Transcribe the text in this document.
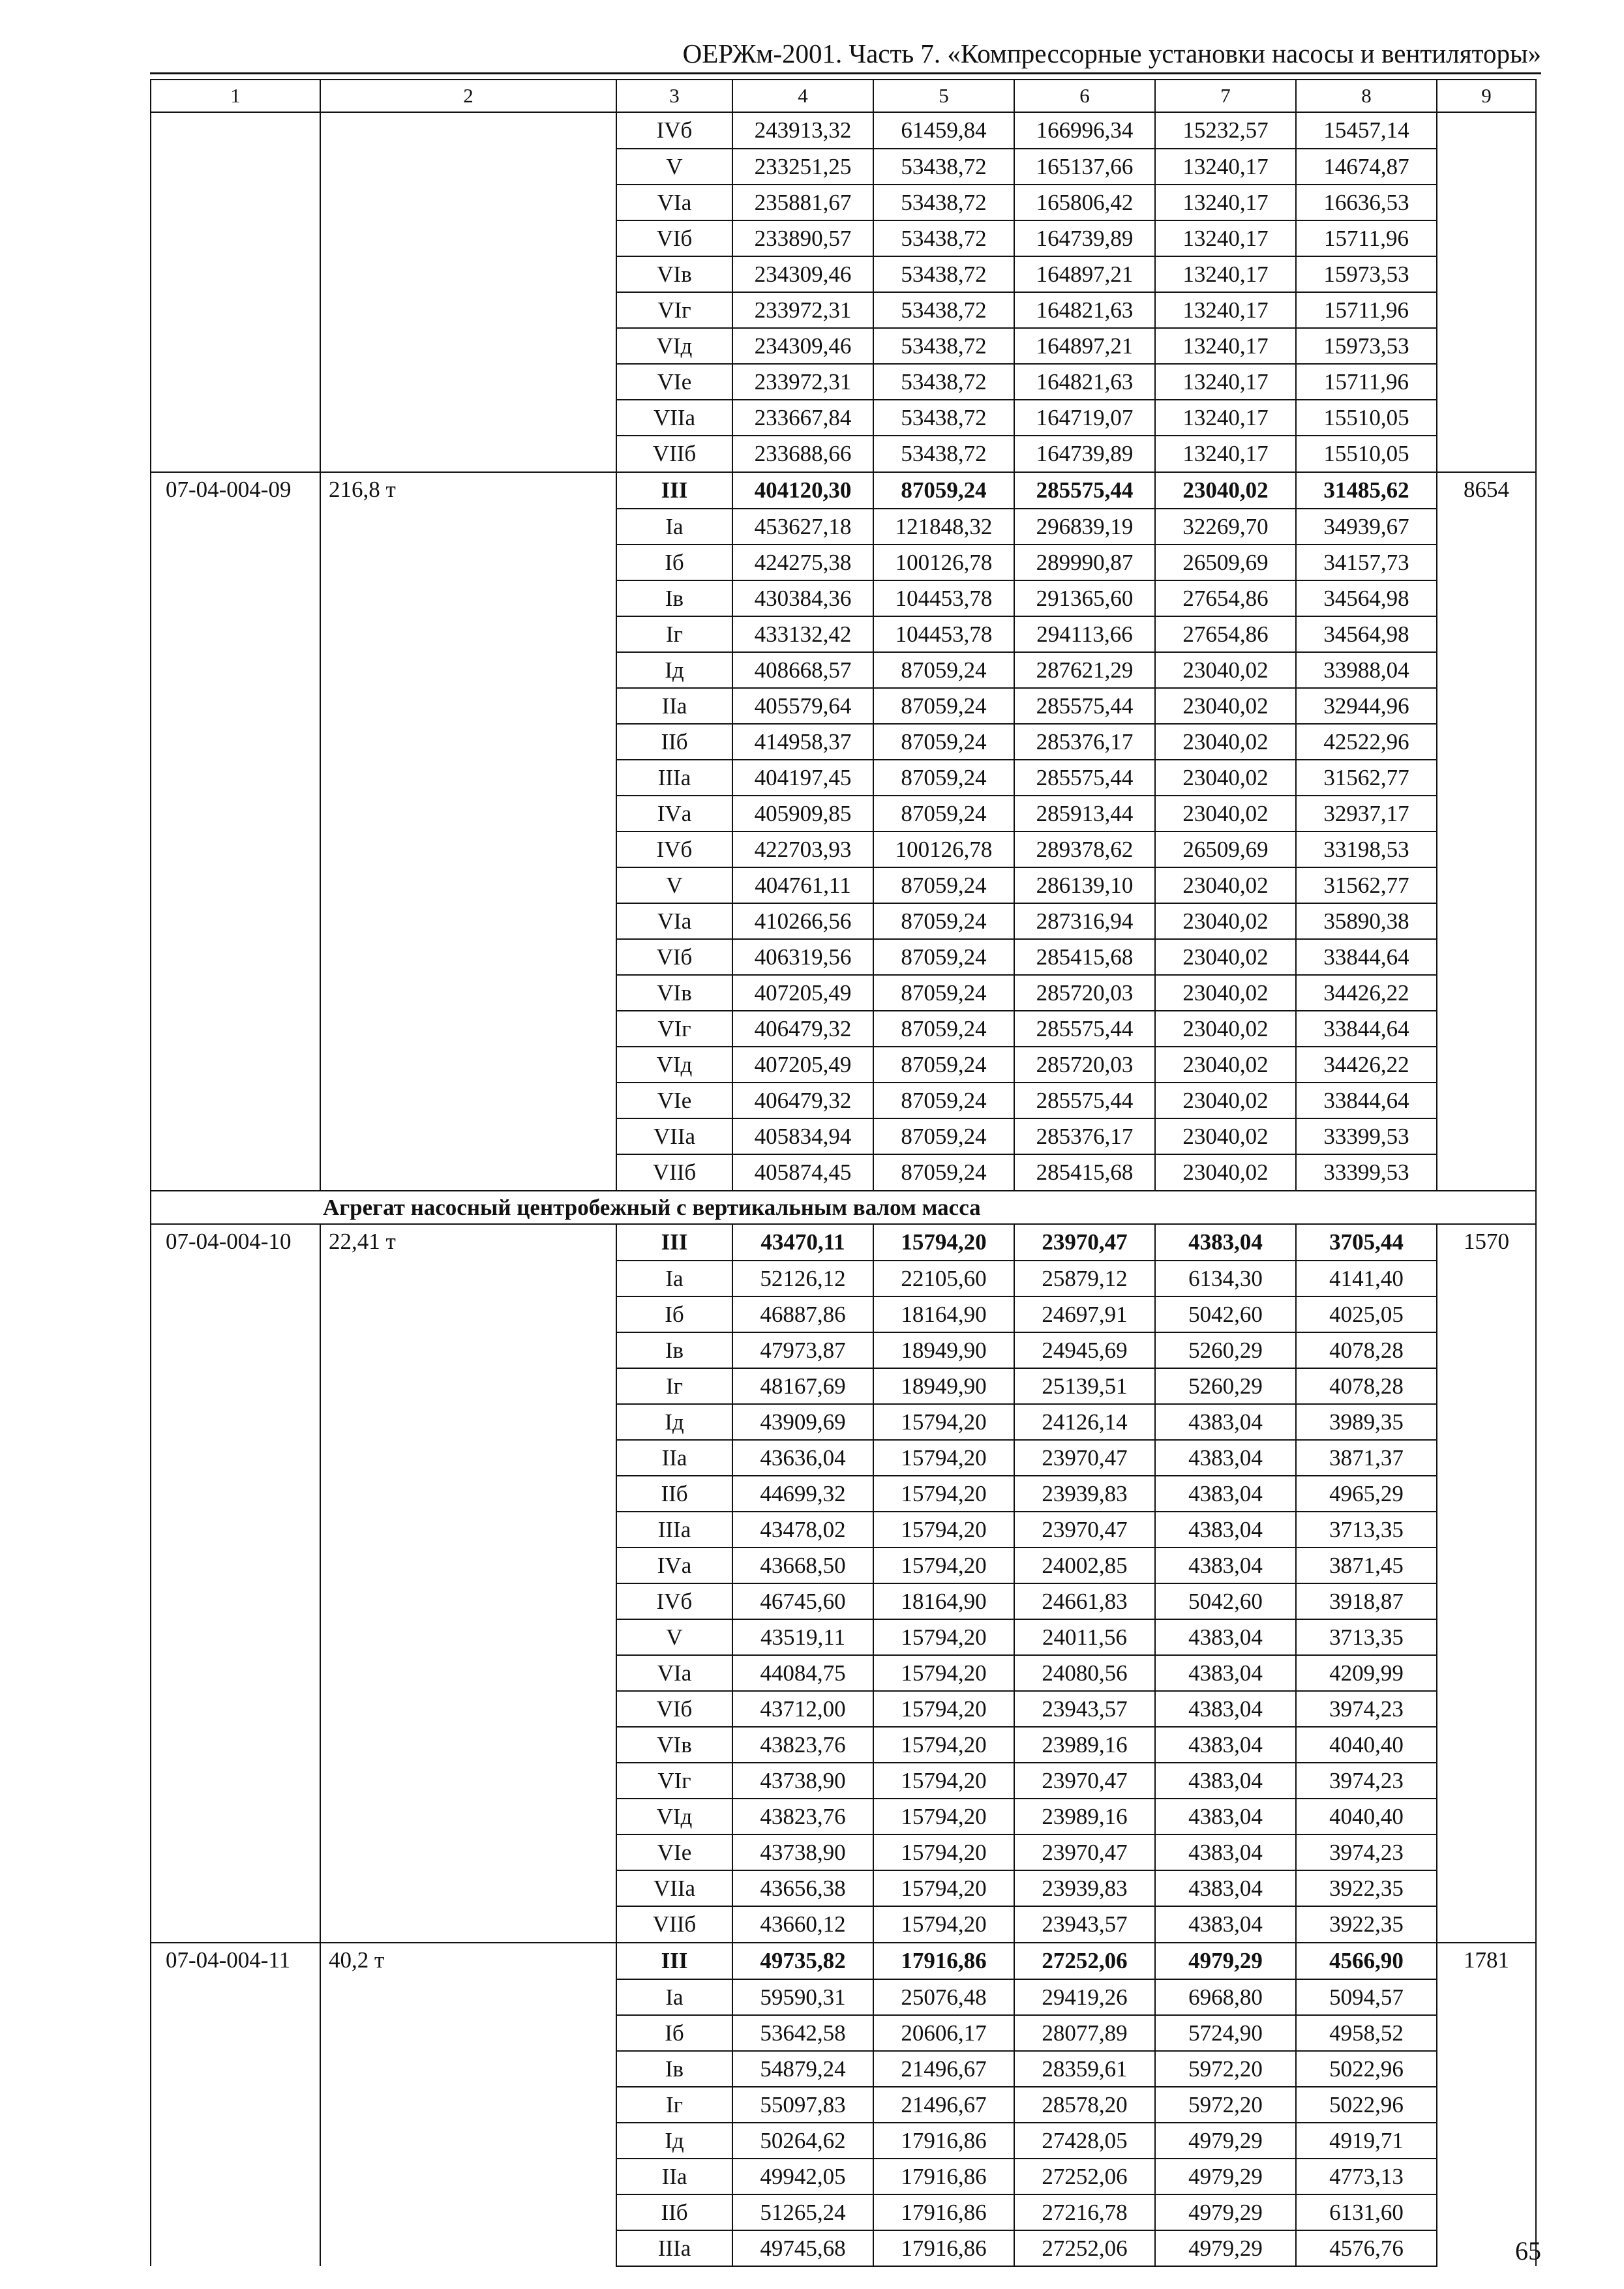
ОЕРЖм-2001. Часть 7. «Компрессорные установки насосы и вентиляторы»
1	2	3	4	5	6	7	8	9
		IVб	243913,32	61459,84	166996,34	15232,57	15457,14	
		V	233251,25	53438,72	165137,66	13240,17	14674,87	
		VIа	235881,67	53438,72	165806,42	13240,17	16636,53	
		VIб	233890,57	53438,72	164739,89	13240,17	15711,96	
		VIв	234309,46	53438,72	164897,21	13240,17	15973,53	
		VIг	233972,31	53438,72	164821,63	13240,17	15711,96	
		VIд	234309,46	53438,72	164897,21	13240,17	15973,53	
		VIе	233972,31	53438,72	164821,63	13240,17	15711,96	
		VIIа	233667,84	53438,72	164719,07	13240,17	15510,05	
		VIIб	233688,66	53438,72	164739,89	13240,17	15510,05	
07-04-004-09	216,8 т	III	404120,30	87059,24	285575,44	23040,02	31485,62	8654
		Iа	453627,18	121848,32	296839,19	32269,70	34939,67	
		Iб	424275,38	100126,78	289990,87	26509,69	34157,73	
		Iв	430384,36	104453,78	291365,60	27654,86	34564,98	
		Iг	433132,42	104453,78	294113,66	27654,86	34564,98	
		Iд	408668,57	87059,24	287621,29	23040,02	33988,04	
		IIа	405579,64	87059,24	285575,44	23040,02	32944,96	
		IIб	414958,37	87059,24	285376,17	23040,02	42522,96	
		IIIа	404197,45	87059,24	285575,44	23040,02	31562,77	
		IVа	405909,85	87059,24	285913,44	23040,02	32937,17	
		IVб	422703,93	100126,78	289378,62	26509,69	33198,53	
		V	404761,11	87059,24	286139,10	23040,02	31562,77	
		VIа	410266,56	87059,24	287316,94	23040,02	35890,38	
		VIб	406319,56	87059,24	285415,68	23040,02	33844,64	
		VIв	407205,49	87059,24	285720,03	23040,02	34426,22	
		VIг	406479,32	87059,24	285575,44	23040,02	33844,64	
		VIд	407205,49	87059,24	285720,03	23040,02	34426,22	
		VIе	406479,32	87059,24	285575,44	23040,02	33844,64	
		VIIа	405834,94	87059,24	285376,17	23040,02	33399,53	
		VIIб	405874,45	87059,24	285415,68	23040,02	33399,53	
	Агрегат насосный центробежный с вертикальным валом масса							
07-04-004-10	22,41 т	III	43470,11	15794,20	23970,47	4383,04	3705,44	1570
		Iа	52126,12	22105,60	25879,12	6134,30	4141,40	
		Iб	46887,86	18164,90	24697,91	5042,60	4025,05	
		Iв	47973,87	18949,90	24945,69	5260,29	4078,28	
		Iг	48167,69	18949,90	25139,51	5260,29	4078,28	
		Iд	43909,69	15794,20	24126,14	4383,04	3989,35	
		IIа	43636,04	15794,20	23970,47	4383,04	3871,37	
		IIб	44699,32	15794,20	23939,83	4383,04	4965,29	
		IIIа	43478,02	15794,20	23970,47	4383,04	3713,35	
		IVа	43668,50	15794,20	24002,85	4383,04	3871,45	
		IVб	46745,60	18164,90	24661,83	5042,60	3918,87	
		V	43519,11	15794,20	24011,56	4383,04	3713,35	
		VIа	44084,75	15794,20	24080,56	4383,04	4209,99	
		VIб	43712,00	15794,20	23943,57	4383,04	3974,23	
		VIв	43823,76	15794,20	23989,16	4383,04	4040,40	
		VIг	43738,90	15794,20	23970,47	4383,04	3974,23	
		VIд	43823,76	15794,20	23989,16	4383,04	4040,40	
		VIе	43738,90	15794,20	23970,47	4383,04	3974,23	
		VIIа	43656,38	15794,20	23939,83	4383,04	3922,35	
		VIIб	43660,12	15794,20	23943,57	4383,04	3922,35	
07-04-004-11	40,2 т	III	49735,82	17916,86	27252,06	4979,29	4566,90	1781
		Iа	59590,31	25076,48	29419,26	6968,80	5094,57	
		Iб	53642,58	20606,17	28077,89	5724,90	4958,52	
		Iв	54879,24	21496,67	28359,61	5972,20	5022,96	
		Iг	55097,83	21496,67	28578,20	5972,20	5022,96	
		Iд	50264,62	17916,86	27428,05	4979,29	4919,71	
		IIа	49942,05	17916,86	27252,06	4979,29	4773,13	
		IIб	51265,24	17916,86	27216,78	4979,29	6131,60	
		IIIа	49745,68	17916,86	27252,06	4979,29	4576,76		65
